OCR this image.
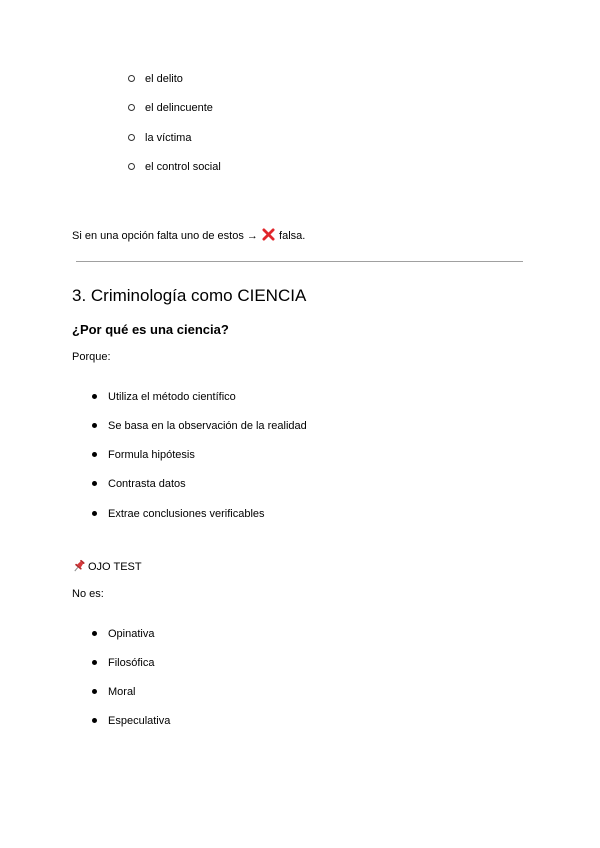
el delito
el delincuente
la víctima
el control social
Si en una opción falta uno de estos → falsa.
3. Criminología como CIENCIA
¿Por qué es una ciencia?
Porque:
Utiliza el método científico
Se basa en la observación de la realidad
Formula hipótesis
Contrasta datos
Extrae conclusiones verificables
OJO TEST
No es:
Opinativa
Filosófica
Moral
Especulativa
